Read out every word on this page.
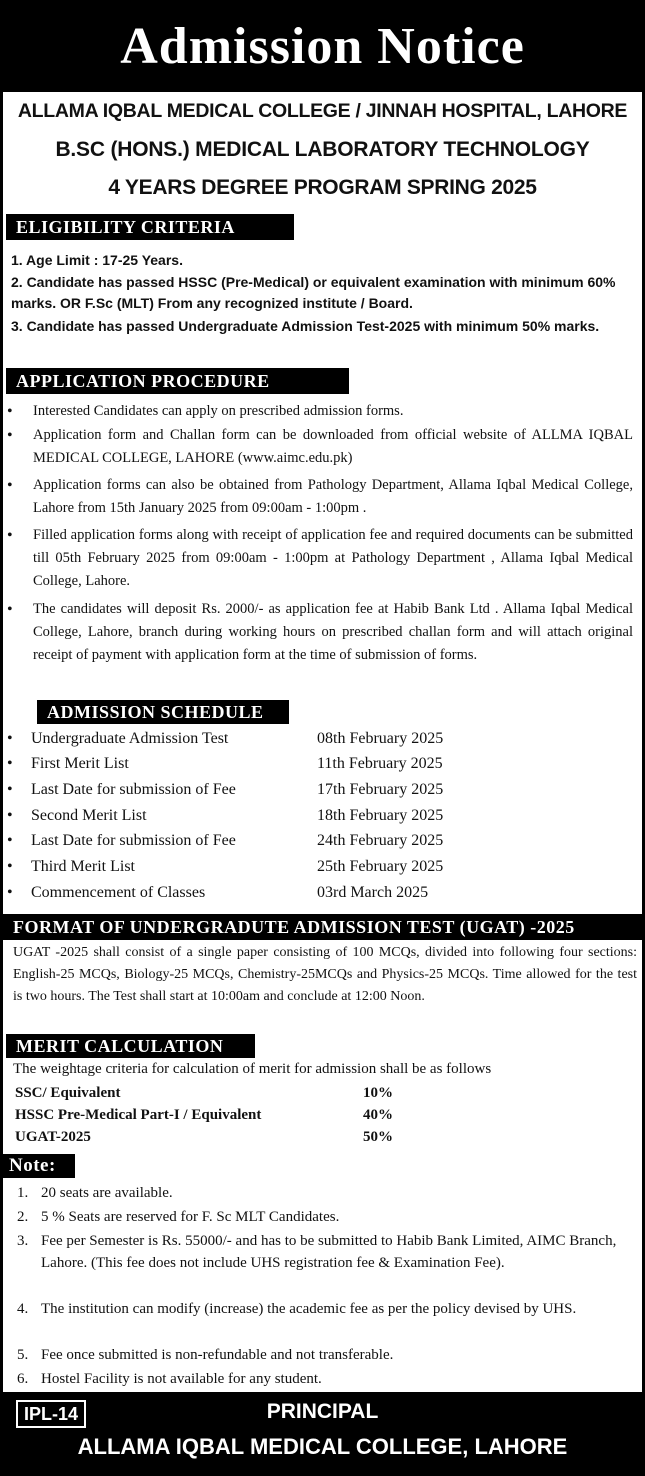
Admission Notice
ALLAMA IQBAL MEDICAL COLLEGE / JINNAH HOSPITAL, LAHORE
B.SC (HONS.) MEDICAL LABORATORY TECHNOLOGY
4 YEARS DEGREE PROGRAM SPRING 2025
ELIGIBILITY CRITERIA
1. Age Limit : 17-25 Years.
2. Candidate has passed HSSC (Pre-Medical) or equivalent examination with minimum 60% marks. OR F.Sc (MLT) From any recognized institute / Board.
3. Candidate has passed Undergraduate Admission Test-2025 with minimum 50% marks.
APPLICATION PROCEDURE
• Interested Candidates can apply on prescribed admission forms.
• Application form and Challan form can be downloaded from official website of ALLMA IQBAL MEDICAL COLLEGE, LAHORE (www.aimc.edu.pk)
• Application forms can also be obtained from Pathology Department, Allama Iqbal Medical College, Lahore from 15th January 2025 from 09:00am - 1:00pm .
• Filled application forms along with receipt of application fee and required documents can be submitted till 05th February 2025 from 09:00am - 1:00pm at Pathology Department , Allama Iqbal Medical College, Lahore.
• The candidates will deposit Rs. 2000/- as application fee at Habib Bank Ltd . Allama Iqbal Medical College, Lahore, branch during working hours on prescribed challan form and will attach original receipt of payment with application form at the time of submission of forms.
ADMISSION SCHEDULE
• Undergraduate Admission Test	08th February 2025
• First Merit List	11th February 2025
• Last Date for submission of Fee	17th February 2025
• Second Merit List	18th February 2025
• Last Date for submission of Fee	24th February 2025
• Third Merit List	25th February 2025
• Commencement of Classes	03rd March 2025
FORMAT OF UNDERGRADUTE ADMISSION TEST (UGAT) -2025
UGAT -2025 shall consist of a single paper consisting of 100 MCQs, divided into following four sections: English-25 MCQs, Biology-25 MCQs, Chemistry-25MCQs and Physics-25 MCQs. Time allowed for the test is two hours. The Test shall start at 10:00am and conclude at 12:00 Noon.
MERIT CALCULATION
The weightage criteria for calculation of merit for admission shall be as follows
SSC/ Equivalent	10%
HSSC Pre-Medical Part-I / Equivalent	40%
UGAT-2025	50%
Note:
1. 20 seats are available.
2. 5 % Seats are reserved for F. Sc MLT Candidates.
3. Fee per Semester is Rs. 55000/- and has to be submitted to Habib Bank Limited, AIMC Branch, Lahore. (This fee does not include UHS registration fee & Examination Fee).
4. The institution can modify (increase) the academic fee as per the policy devised by UHS.
5. Fee once submitted is non-refundable and not transferable.
6. Hostel Facility is not available for any student.
IPL-14	PRINCIPAL
ALLAMA IQBAL MEDICAL COLLEGE, LAHORE
